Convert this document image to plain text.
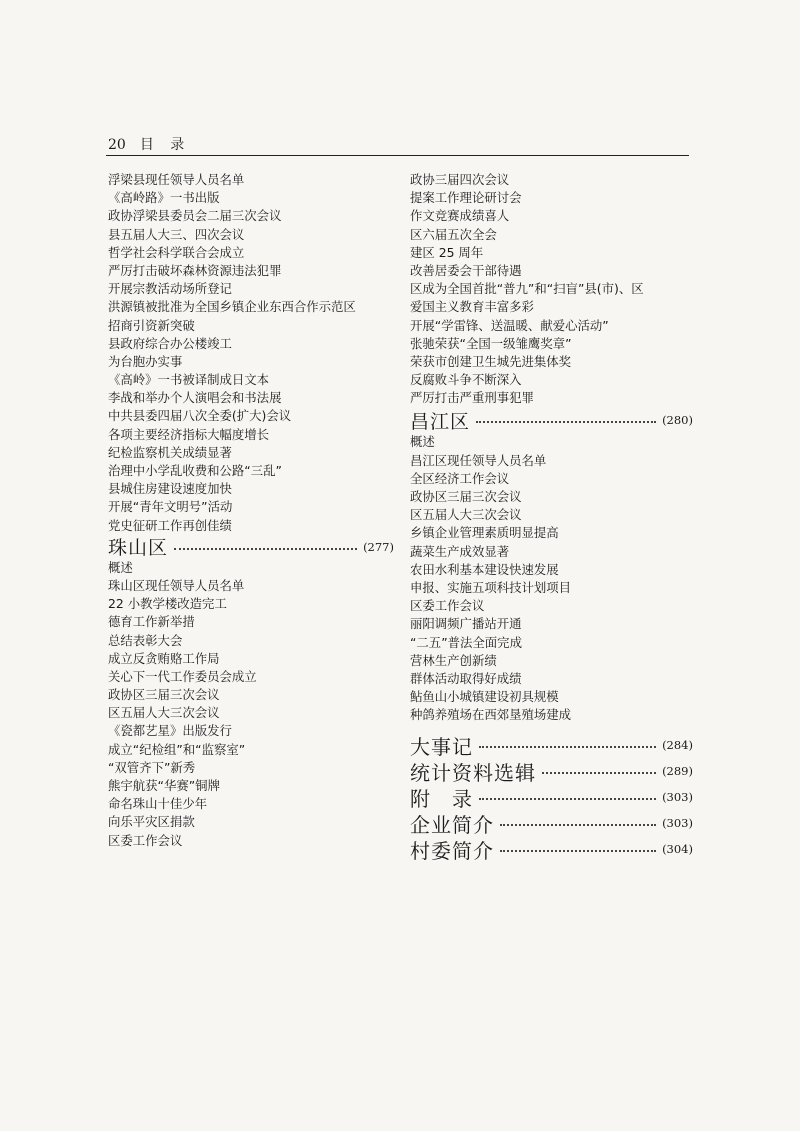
20 目 录
浮梁县现任领导人员名单
《高岭路》一书出版
政协浮梁县委员会二届三次会议
县五届人大三、四次会议
哲学社会科学联合会成立
严厉打击破坏森林资源违法犯罪
开展宗教活动场所登记
洪源镇被批准为全国乡镇企业东西合作示范区
招商引资新突破
县政府综合办公楼竣工
为台胞办实事
《高岭》一书被译制成日文本
李战和举办个人演唱会和书法展
中共县委四届八次全委(扩大)会议
各项主要经济指标大幅度增长
纪检监察机关成绩显著
治理中小学乱收费和公路“三乱”
县城住房建设速度加快
开展“青年文明号”活动
党史征研工作再创佳绩
珠山区	(277)
概述
珠山区现任领导人员名单
22 小教学楼改造完工
德育工作新举措
总结表彰大会
成立反贪贿赂工作局
关心下一代工作委员会成立
政协区三届三次会议
区五届人大三次会议
《瓷都艺星》出版发行
成立“纪检组”和“监察室”
“双管齐下”新秀
熊宇航获“华赛”铜牌
命名珠山十佳少年
向乐平灾区捐款
区委工作会议
政协三届四次会议
提案工作理论研讨会
作文竞赛成绩喜人
区六届五次全会
建区 25 周年
改善居委会干部待遇
区成为全国首批“普九”和“扫盲”县(市)、区
爱国主义教育丰富多彩
开展“学雷锋、送温暖、献爱心活动”
张驰荣获“全国一级雏鹰奖章”
荣获市创建卫生城先进集体奖
反腐败斗争不断深入
严厉打击严重刑事犯罪
昌江区	(280)
概述
昌江区现任领导人员名单
全区经济工作会议
政协区三届三次会议
区五届人大三次会议
乡镇企业管理素质明显提高
蔬菜生产成效显著
农田水利基本建设快速发展
申报、实施五项科技计划项目
区委工作会议
丽阳调频广播站开通
“二五”普法全面完成
营林生产创新绩
群体活动取得好成绩
鲇鱼山小城镇建设初具规模
种鸽养殖场在西郊垦殖场建成
大事记	(284)
统计资料选辑	(289)
附　录	(303)
企业简介	(303)
村委简介	(304)
